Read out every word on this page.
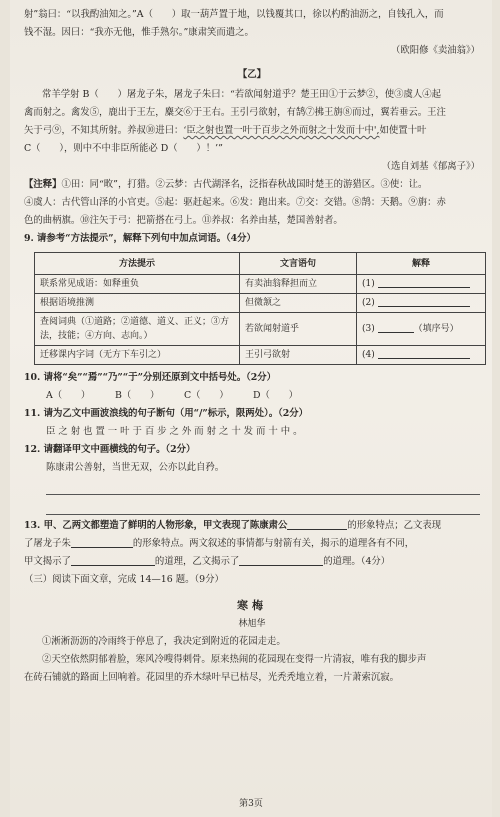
射”翁曰：“以我酌油知之。”A（　　）取一葫芦置于地，以钱覆其口，徐以杓酌油沥之，自钱孔入，而
钱不湿。因曰：“我亦无他，惟手熟尔。”康肃笑而遣之。
（欧阳修《卖油翁》）
【乙】
常羊学射 B（　　）屠龙子朱，屠龙子朱曰：“若欲闻射道乎？楚王田①于云梦②，使③虞人④起
禽而射之。禽发⑤，鹿出于王左，麋交⑥于王右。王引弓欲射，有鹄⑦拂王旃⑧而过，翼若垂云。王注
矢于弓⑨，不知其所射。养叔⑩进曰：‘臣之射也置一叶于百步之外而射之十发而十中',如使置十叶
C（　　），则中不中非臣所能必 D（　　）！’”
（选自刘基《郁离子》）
【注释】①田：同“畋”，打猎。②云梦：古代湖泽名，泛指春秋战国时楚王的游猎区。③使：让。
④虞人：古代管山泽的小官吏。⑤起：驱赶起来。⑥发：跑出来。⑦交：交错。⑧鹄：天鹅。⑨旃：赤
色的曲柄旗。⑩注矢于弓：把箭搭在弓上。⑪养叔：名养由基，楚国善射者。
9. 请参考“方法提示”，解释下列句中加点词语。（4分）
方法提示	文言语句	解释
联系常见成语：如释重负	有卖油翁释担而立	(1)
根据语境推测	但微颔之	(2)
查阅词典（①道路；②道德、道义、正义；③方法，技能；④方向、志向。）	若欲闻射道乎	(3) （填序号）
迁移课内字词（无方下车引之）	王引弓欲射	(4)
10. 请将“矣”“焉”“乃”“于”分别还原到文中括号处。（2分）
A（　　）	B（　　）	C（　　）	D（　　）
11. 请为乙文中画波浪线的句子断句（用“/”标示，限两处）。（2分）
臣 之 射 也 置 一 叶 于 百 步 之 外 而 射 之 十 发 而 十 中 。
12. 请翻译甲文中画横线的句子。（2分）
陈康肃公善射，当世无双，公亦以此自矜。
13. 甲、乙两文都塑造了鲜明的人物形象，甲文表现了陈康肃公	的形象特点；乙文表现
了屠龙子朱	的形象特点。两文叙述的事情都与射箭有关，揭示的道理各有不同，
甲文揭示了	的道理，乙文揭示了	的道理。（4分）
（三）阅读下面文章，完成 14—16 题。（9分）
寒梅
林旭华
①淅淅沥沥的冷雨终于停息了，我决定到附近的花园走走。
②天空依然阴郁着脸，寒风冷嗖得刺骨。原来热闹的花园现在变得一片清寂，唯有我的脚步声
在砖石铺就的路面上回响着。花园里的乔木绿叶早已枯尽，光秃秃地立着，一片萧索沉寂。
第3页
